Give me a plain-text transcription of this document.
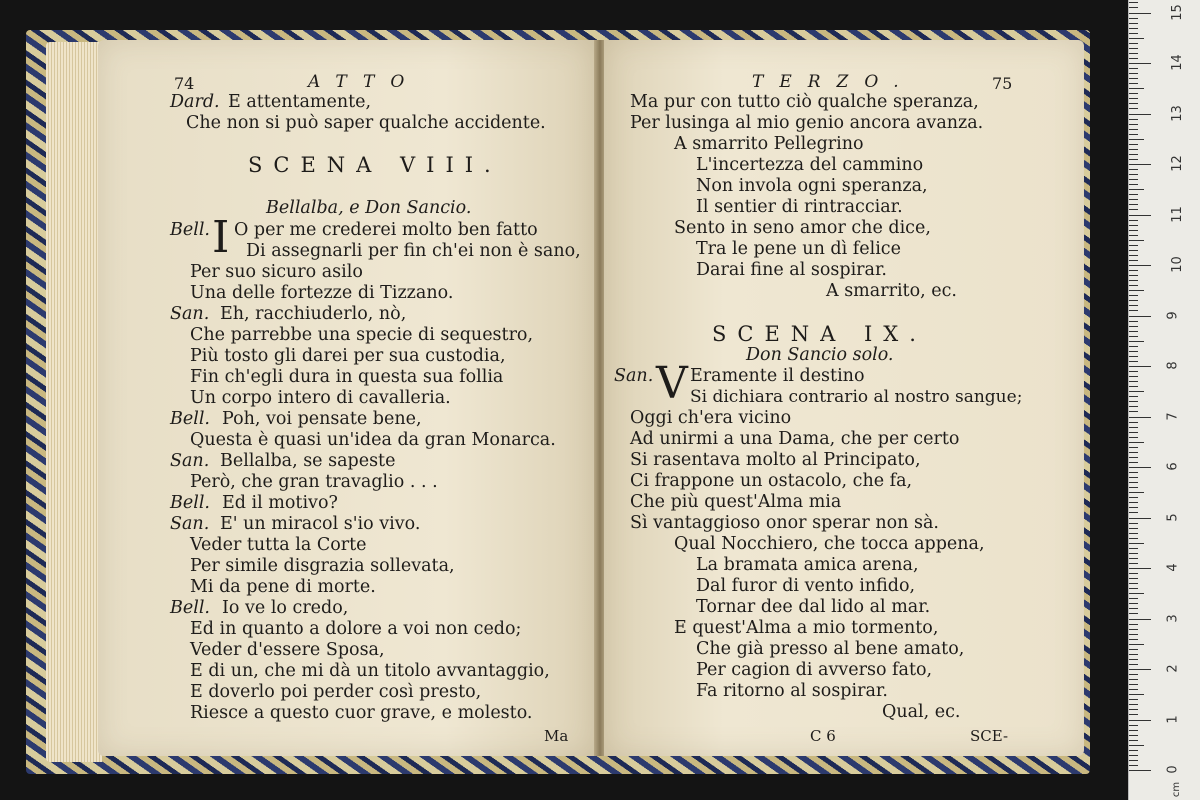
74	ATTO
Dard. E attentamente,
Che non si può saper qualche accidente.
SCENA VIII.
Bellalba, e Don Sancio.
Bell. I O per me crederei molto ben fatto
Di assegnarli per fin ch'ei non è sano,
Per suo sicuro asilo
Una delle fortezze di Tizzano.
San. Eh, racchiuderlo, nò,
Che parrebbe una specie di sequestro,
Più tosto gli darei per sua custodia,
Fin ch'egli dura in questa sua follia
Un corpo intero di cavalleria.
Bell. Poh, voi pensate bene,
Questa è quasi un'idea da gran Monarca.
San. Bellalba, se sapeste
Però, che gran travaglio . . .
Bell. Ed il motivo?
San. E' un miracol s'io vivo.
Veder tutta la Corte
Per simile disgrazia sollevata,
Mi da pene di morte.
Bell. Io ve lo credo,
Ed in quanto a dolore a voi non cedo;
Veder d'essere Sposa,
E di un, che mi dà un titolo avvantaggio,
E doverlo poi perder così presto,
Riesce a questo cuor grave, e molesto.
Ma
TERZO.	75
Ma pur con tutto ciò qualche speranza,
Per lusinga al mio genio ancora avanza.
A smarrito Pellegrino
L'incertezza del cammino
Non invola ogni speranza,
Il sentier di rintracciar.
Sento in seno amor che dice,
Tra le pene un dì felice
Darai fine al sospirar.
A smarrito, ec.
SCENA IX.
Don Sancio solo.
San. V Eramente il destino
Si dichiara contrario al nostro sangue;
Oggi ch'era vicino
Ad unirmi a una Dama, che per certo
Si rasentava molto al Principato,
Ci frappone un ostacolo, che fa,
Che più quest'Alma mia
Sì vantaggioso onor sperar non sà.
Qual Nocchiero, che tocca appena,
La bramata amica arena,
Dal furor di vento infido,
Tornar dee dal lido al mar.
E quest'Alma a mio tormento,
Che già presso al bene amato,
Per cagion di avverso fato,
Fa ritorno al sospirar.
Qual, ec.
C 6	SCE-
0
1
2
3
4
5
6
7
8
9
10
11
12
13
14
15
cm
